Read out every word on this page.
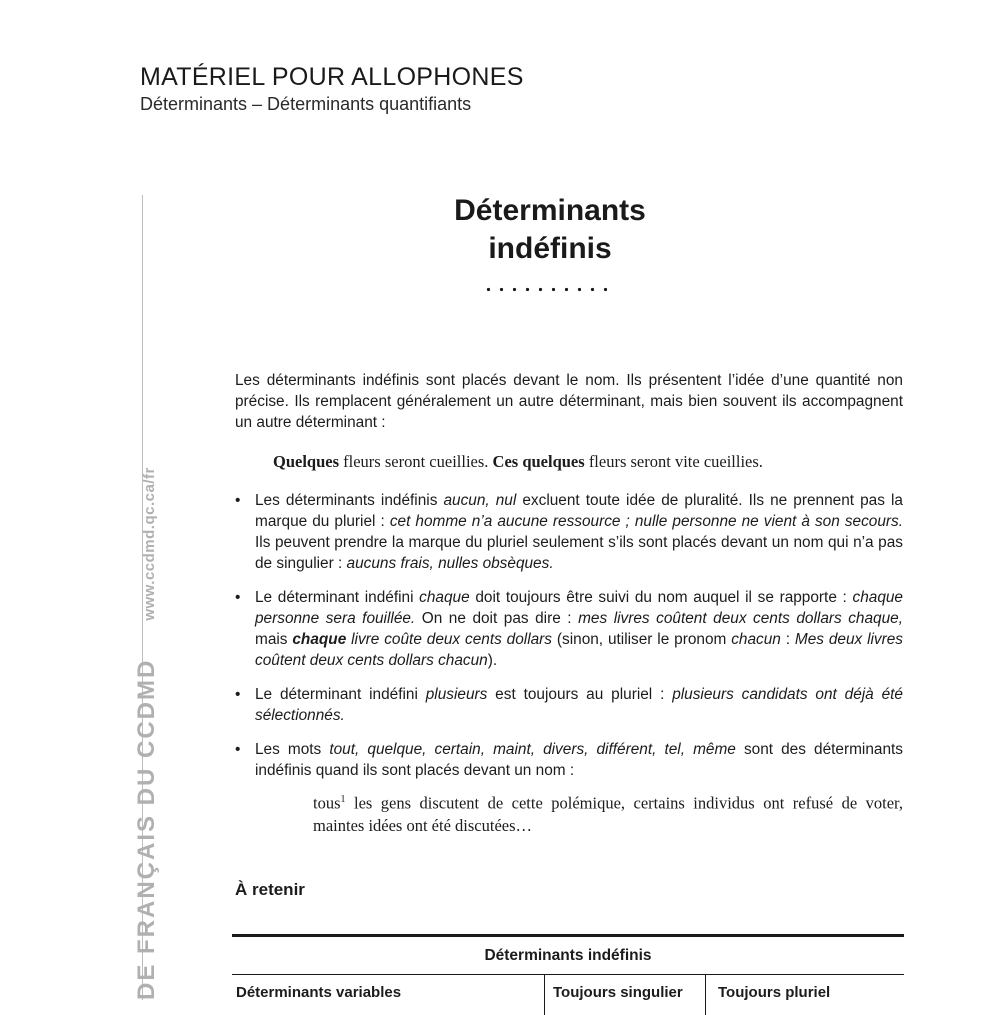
MATÉRIEL POUR ALLOPHONES
Déterminants – Déterminants quantifiants
DE FRANÇAIS DU CCDMDwww.ccdmd.qc.ca/fr
Déterminants
indéfinis

Les déterminants indéfinis sont placés devant le nom. Ils présentent l’idée d’une quantité non précise. Ils remplacent généralement un autre déterminant, mais bien souvent ils accompagnent un autre déterminant :

Quelques fleurs seront cueillies. Ces quelques fleurs seront vite cueillies.
• Les déterminants indéfinis aucun, nul excluent toute idée de pluralité. Ils ne prennent pas la marque du pluriel : cet homme n’a aucune ressource ; nulle personne ne vient à son secours. Ils peuvent prendre la marque du pluriel seulement s’ils sont placés devant un nom qui n’a pas de singulier : aucuns frais, nulles obsèques.
• Le déterminant indéfini chaque doit toujours être suivi du nom auquel il se rapporte : chaque personne sera fouillée. On ne doit pas dire : mes livres coûtent deux cents dollars chaque, mais chaque livre coûte deux cents dollars (sinon, utiliser le pronom chacun : Mes deux livres coûtent deux cents dollars chacun).
• Le déterminant indéfini plusieurs est toujours au pluriel : plusieurs candidats ont déjà été sélectionnés.
• Les mots tout, quelque, certain, maint, divers, différent, tel, même sont des déterminants indéfinis quand ils sont placés devant un nom :
tous$^1$ les gens discutent de cette polémique, certains individus ont refusé de voter, maintes idées ont été discutées…
À retenir
Déterminants indéfinis
Déterminants variables	Toujours singulier	Toujours pluriel
